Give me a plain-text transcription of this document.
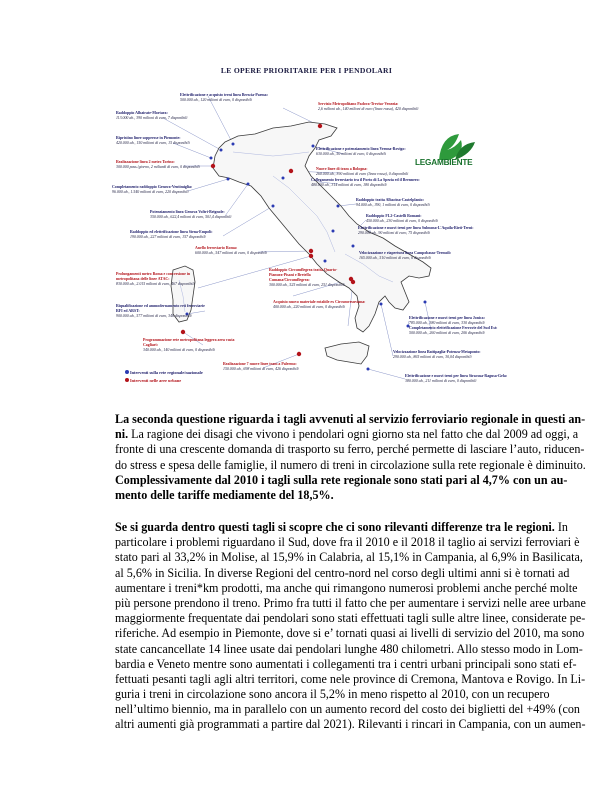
LE OPERE PRIORITARIE PER I PENDOLARI
Elettrificazione e acquisto treni linea Brescia-Parma:
500.000 ab., 120 milioni di euro, 0 disponibili
Servizio Metropolitano Padova-Treviso-Venezia:
2,6 milioni ab., 140 milioni di euro (linea rossa), 420 disponibili
Raddoppio Albairate-Mortara:
113.000 ab., 390 milioni di euro, 7 disponibili
Ripristino linee soppresse in Piemonte:
420.000 ab., 150 milioni di euro, 15 disponibili
Elettrificazione e potenziamento linea Verona-Rovigo:
630.000 ab., 50 milioni di euro, 0 disponibili
Realizzazione linea 2 metro Torino:
300.000 pass./giorno, 2 miliardi di euro, 0 disponibili	Nuove linee di tram a Bologna:
260.000 ab., 390 milioni di euro (linea rossa), 0 disponibili
Collegamento ferroviario tra il Porto di La Spezia ed il Brennero:
480.000 ab., 314 milioni di euro, 180 disponibili
Completamento raddoppio Genova-Ventimiglia:
96.000 ab., 1.540 milioni di euro, 220 disponibili
Raddoppio tratta Albacina-Castelplanio:
94.000 ab., 390, 1 milioni di euro, 0 disponibili
Potenziamento linea Genova Voltri-Brignole:
350.000 ab., 622,4 milioni di euro, 501,4 disponibili	Raddoppio FL2-Castelli Romani:
450.000 ab., 230 milioni di euro, 0 disponibili
Raddoppio ed elettrificazione linea Siena-Empoli:
190.000 ab., 227 milioni di euro, 157 disponibili
Elettrificazione e nuovi treni per linea Sulmona-L'Aquila-Rieti-Terni:
290.000 ab., 90 milioni di euro, 75 disponibili
Velocizzazione e riapertura linea Campobasso-Termoli:
165.000 ab., 510 milioni di euro, 0 disponibili
Anello ferroviario Roma:
600.000 ab., 547 milioni di euro, 0 disponibili
Prolungamenti metro Roma e conversione in metropolitana delle linee ATAC:
830.000 ab., 2.015 milioni di euro, 467 disponibili
Raddoppio Circumflegrea tratta Quarto-Pianura-Pisani e Bretella Cumana/Circumflegrea:
300.000 ab., 525 milioni di euro, 251 disponibili
Riqualificazione ed ammodernamento reti ferroviarie RFI ed ARST:
900.000 ab., 577 milioni di euro, 346 disponibili
Acquisto nuovo materiale rotabile ex Circumvesuviana:
400.000 ab., 220 milioni di euro, 0 disponibili
Completamento elettrificazione Ferrovie del Sud Est:
500.000 ab., 260 milioni di euro, 206 disponibili
Elettrificazione e nuovi treni per linea Jonica:
785.000 ab., 380 milioni di euro, 330 disponibili
Programmazione rete metropolitana leggera area vasta Cagliari:
340.000 ab., 140 milioni di euro, 0 disponibili	Velocizzazione linea Battipaglia-Potenza-Metaponto:
290.000 ab., 865 milioni di euro, 30,04 disponibili
Realizzazione 7 nuove linee tram a Palermo:
150.000 ab., 698 milioni di euro, 426 disponibili
Elettrificazione e nuovi treni per linea Siracusa-Ragusa-Gela:
380.000 ab., 211 milioni di euro, 0 disponibili
LEGAMBIENTE
Interventi sulla rete regionale/nazionale
Interventi nelle aree urbane
La seconda questione riguarda i tagli avvenuti al servizio ferroviario regionale in questi an-
ni. La ragione dei disagi che vivono i pendolari ogni giorno sta nel fatto che dal 2009 ad oggi, a
fronte di una crescente domanda di trasporto su ferro, perché permette di lasciare l’auto, riducen-
do stress e spesa delle famiglie, il numero di treni in circolazione sulla rete regionale è diminuito.
Complessivamente dal 2010 i tagli sulla rete regionale sono stati pari al 4,7% con un au-
mento delle tariffe mediamente del 18,5%.
Se si guarda dentro questi tagli si scopre che ci sono rilevanti differenze tra le regioni. In
particolare i problemi riguardano il Sud, dove fra il 2010 e il 2018 il taglio ai servizi ferroviari è
stato pari al 33,2% in Molise, al 15,9% in Calabria, al 15,1% in Campania, al 6,9% in Basilicata,
al 5,6% in Sicilia. In diverse Regioni del centro-nord nel corso degli ultimi anni si è tornati ad
aumentare i treni*km prodotti, ma anche qui rimangono numerosi problemi anche perché molte
più persone prendono il treno. Primo fra tutti il fatto che per aumentare i servizi nelle aree urbane
maggiormente frequentate dai pendolari sono stati effettuati tagli sulle altre linee, considerate pe-
riferiche. Ad esempio in Piemonte, dove si e’ tornati quasi ai livelli di servizio del 2010, ma sono
state cancancellate 14 linee usate dai pendolari lunghe 480 chilometri. Allo stesso modo in Lom-
bardia e Veneto mentre sono aumentati i collegamenti tra i centri urbani principali sono stati ef-
fettuati pesanti tagli agli altri territori, come nele province di Cremona, Mantova e Rovigo. In Li-
guria i treni in circolazione sono ancora il 5,2% in meno rispetto al 2010, con un recupero
nell’ultimo biennio, ma in parallelo con un aumento record del costo dei biglietti del +49% (con
altri aumenti già programmati a partire dal 2021). Rilevanti i rincari in Campania, con un aumen-
